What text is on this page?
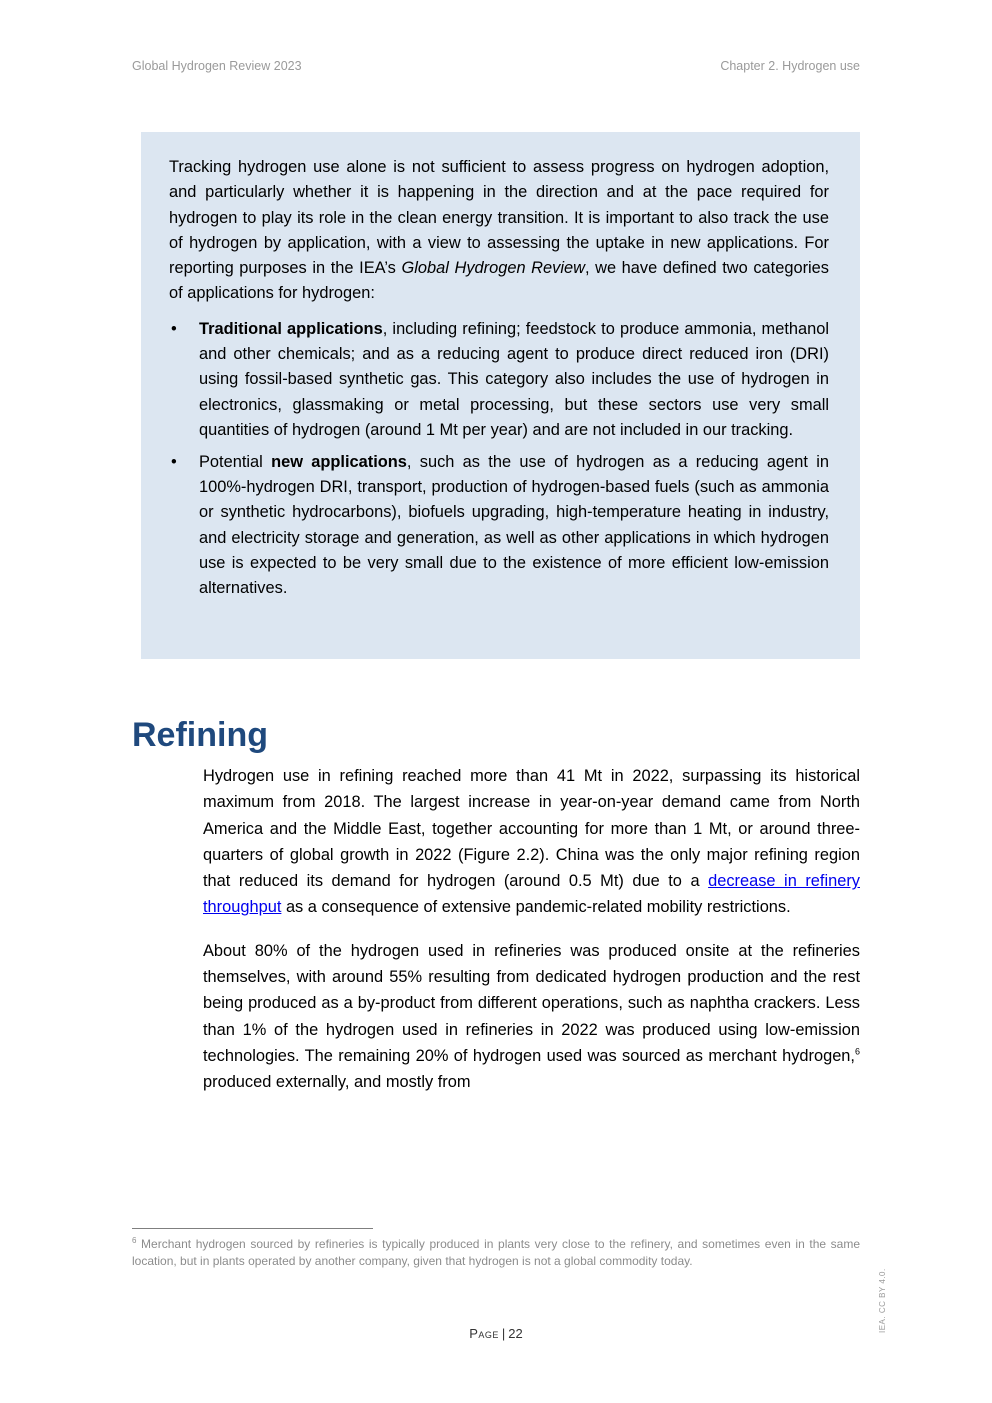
Global Hydrogen Review 2023	Chapter 2. Hydrogen use

Tracking hydrogen use alone is not sufficient to assess progress on hydrogen adoption, and particularly whether it is happening in the direction and at the pace required for hydrogen to play its role in the clean energy transition. It is important to also track the use of hydrogen by application, with a view to assessing the uptake in new applications. For reporting purposes in the IEA’s Global Hydrogen Review, we have defined two categories of applications for hydrogen:

• Traditional applications, including refining; feedstock to produce ammonia, methanol and other chemicals; and as a reducing agent to produce direct reduced iron (DRI) using fossil-based synthetic gas. This category also includes the use of hydrogen in electronics, glassmaking or metal processing, but these sectors use very small quantities of hydrogen (around 1 Mt per year) and are not included in our tracking.
• Potential new applications, such as the use of hydrogen as a reducing agent in 100%-hydrogen DRI, transport, production of hydrogen-based fuels (such as ammonia or synthetic hydrocarbons), biofuels upgrading, high-temperature heating in industry, and electricity storage and generation, as well as other applications in which hydrogen use is expected to be very small due to the existence of more efficient low-emission alternatives.
Refining

Hydrogen use in refining reached more than 41 Mt in 2022, surpassing its historical maximum from 2018. The largest increase in year-on-year demand came from North America and the Middle East, together accounting for more than 1 Mt, or around three-quarters of global growth in 2022 (Figure 2.2). China was the only major refining region that reduced its demand for hydrogen (around 0.5 Mt) due to a decrease in refinery throughput as a consequence of extensive pandemic-related mobility restrictions.

About 80% of the hydrogen used in refineries was produced onsite at the refineries themselves, with around 55% resulting from dedicated hydrogen production and the rest being produced as a by-product from different operations, such as naphtha crackers. Less than 1% of the hydrogen used in refineries in 2022 was produced using low-emission technologies. The remaining 20% of hydrogen used was sourced as merchant hydrogen,$^6$ produced externally, and mostly from

$^6$ Merchant hydrogen sourced by refineries is typically produced in plants very close to the refinery, and sometimes even in the same location, but in plants operated by another company, given that hydrogen is not a global commodity today.
Page | 22
IEA. CC BY 4.0.
